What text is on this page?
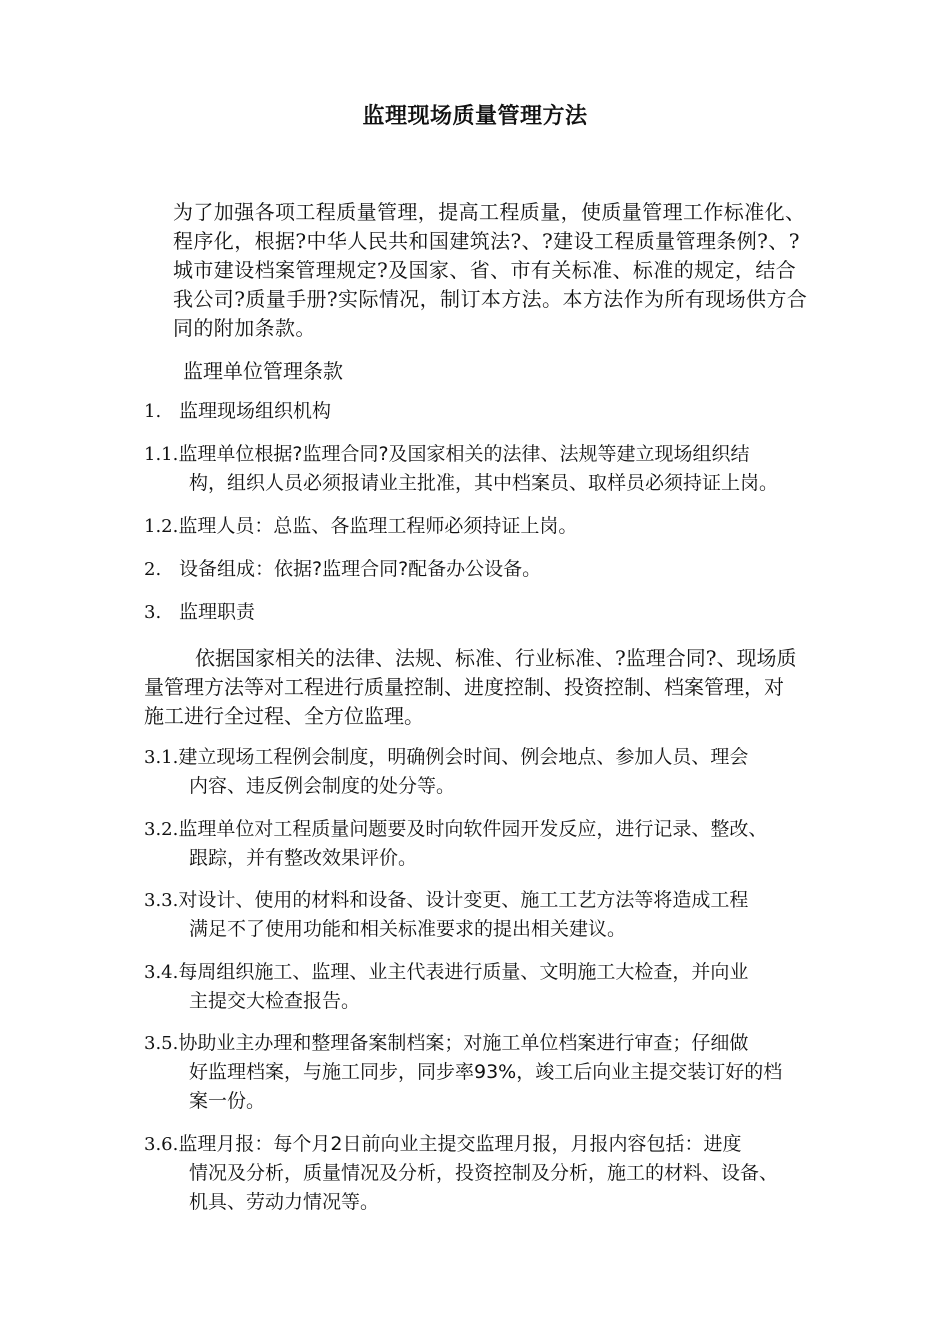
监理现场质量管理方法
为了加强各项工程质量管理，提高工程质量，使质量管理工作标准化、
程序化，根据?中华人民共和国建筑法?、?建设工程质量管理条例?、?
城市建设档案管理规定?及国家、省、市有关标准、标准的规定，结合
我公司?质量手册?实际情况，制订本方法。本方法作为所有现场供方合
同的附加条款。
监理单位管理条款
1. 监理现场组织机构
1.1.监理单位根据?监理合同?及国家相关的法律、法规等建立现场组织结
构，组织人员必须报请业主批准，其中档案员、取样员必须持证上岗。
1.2.监理人员：总监、各监理工程师必须持证上岗。
2. 设备组成：依据?监理合同?配备办公设备。
3. 监理职责
依据国家相关的法律、法规、标准、行业标准、?监理合同?、现场质
量管理方法等对工程进行质量控制、进度控制、投资控制、档案管理，对
施工进行全过程、全方位监理。
3.1.建立现场工程例会制度，明确例会时间、例会地点、参加人员、理会
内容、违反例会制度的处分等。
3.2.监理单位对工程质量问题要及时向软件园开发反应，进行记录、整改、
跟踪，并有整改效果评价。
3.3.对设计、使用的材料和设备、设计变更、施工工艺方法等将造成工程
满足不了使用功能和相关标准要求的提出相关建议。
3.4.每周组织施工、监理、业主代表进行质量、文明施工大检查，并向业
主提交大检查报告。
3.5.协助业主办理和整理备案制档案；对施工单位档案进行审查；仔细做
好监理档案，与施工同步，同步率93%，竣工后向业主提交装订好的档
案一份。
3.6.监理月报：每个月2日前向业主提交监理月报，月报内容包括：进度
情况及分析，质量情况及分析，投资控制及分析，施工的材料、设备、
机具、劳动力情况等。
